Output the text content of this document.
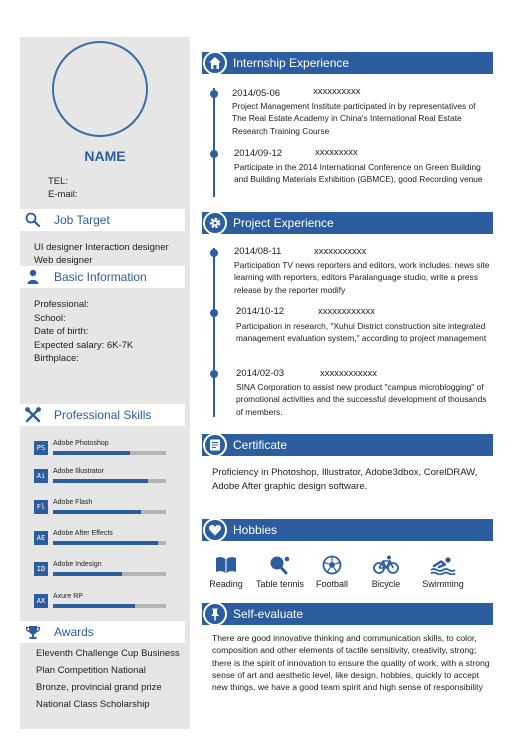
NAME
TEL:
E-mail:
Job Target
UI designer Interaction designer
Web designer
Basic Information
Professional:
School:
Date of birth:
Expected salary: 6K-7K
Birthplace:
Professional Skills
PS
Adobe Photoshop
Ai
Adobe Illustrator
Fl
Adobe Flash
AE
Adobe After Effects
ID
Adobe Indesign
AX
Axure RP
Awards
Eleventh Challenge Cup Business
Plan Competition National
Bronze, provincial grand prize
National Class Scholarship
Internship Experience
2014/05-06	xxxxxxxxxx
Project Management Institute participated in by representatives of The Real Estate Academy in China's International Real Estate Research Training Course
2014/09-12	xxxxxxxxx
Participate in the 2014 International Conference on Green Building and Building Materials Exhibition (GBMCE), good Recording venue
Project Experience
2014/08-11	xxxxxxxxxxx
Participation TV news reporters and editors, work includes: news site learning with reporters, editors Paralanguage studio, write a press release by the reporter modify
2014/10-12	xxxxxxxxxxxx
Participation in research, "Xuhui District construction site integrated management evaluation system," according to project management
2014/02-03	xxxxxxxxxxxx
SINA Corporation to assist new product "campus microblogging" of promotional activities and the successful development of thousands of members.
Certificate
Proficiency in Photoshop, Illustrator, Adobe3dbox, CorelDRAW, Adobe After graphic design software.
Hobbies
Reading	Table tennis	Football	Bicycle	Swimming
Self-evaluate
There are good innovative thinking and communication skills, to color, composition and other elements of tactile sensitivity, creativity, strong; there is the spirit of innovation to ensure the quality of work, with a strong sense of art and aesthetic level, like design, hobbies, quickly to accept new things, we have a good team spirit and high sense of responsibility
